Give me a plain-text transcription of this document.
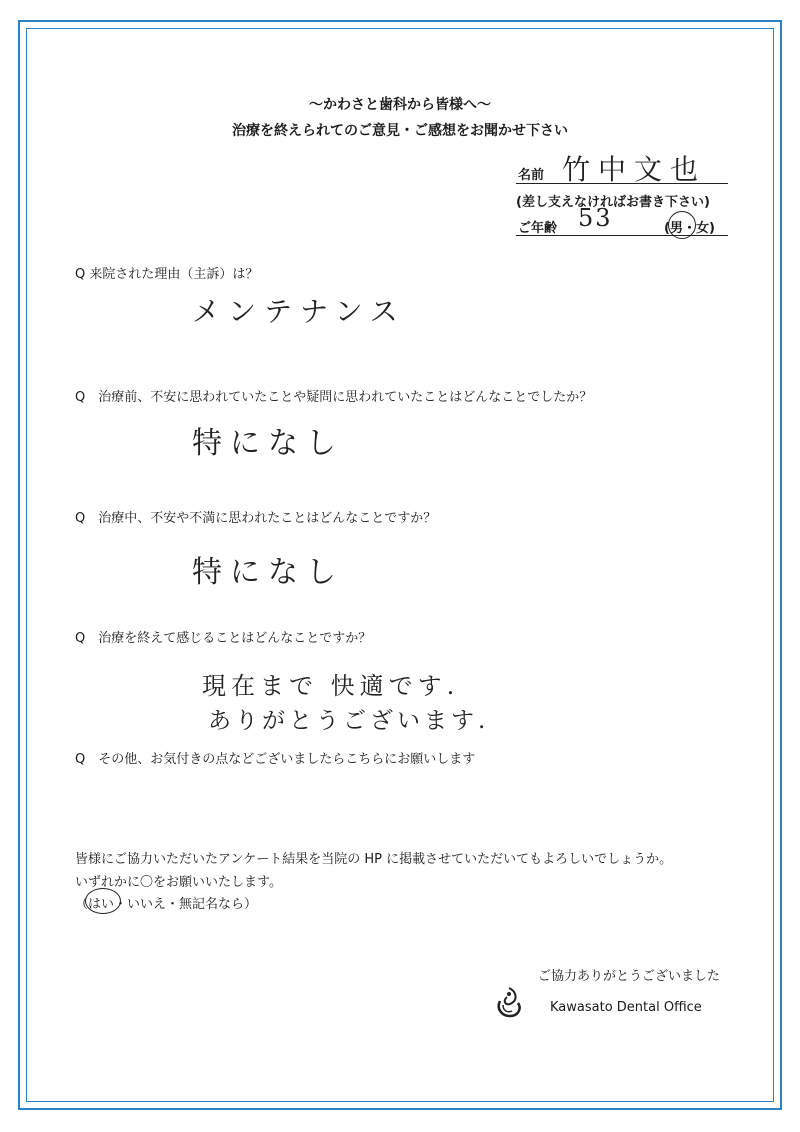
〜かわさと歯科から皆様へ〜
治療を終えられてのご意見・ご感想をお聞かせ下さい
名前 竹中文也
(差し支えなければお書き下さい)
ご年齢 53	(男・女)
Q 来院された理由（主訴）は？
メンテナンス
Q　治療前、不安に思われていたことや疑問に思われていたことはどんなことでしたか？
特になし
Q　治療中、不安や不満に思われたことはどんなことですか？
特になし
Q　治療を終えて感じることはどんなことですか？
現在まで 快適です.
ありがとうございます.
Q　その他、お気付きの点などございましたらこちらにお願いします
皆様にご協力いただいたアンケート結果を当院の HP に掲載させていただいてもよろしいでしょうか。
いずれかに〇をお願いいたします。
（はい・いいえ・無記名なら）
ご協力ありがとうございました
Kawasato Dental Office
